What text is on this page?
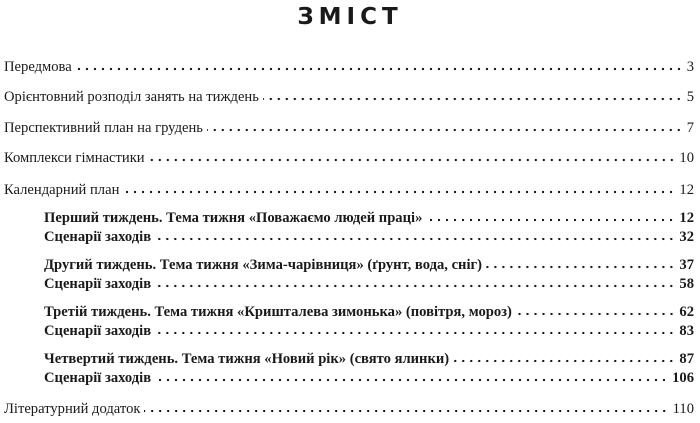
ЗМІСТ
Передмова	3
Орієнтовний розподіл занять на тиждень	5
Перспективний план на грудень	7
Комплекси гімнастики	10
Календарний план	12
Перший тиждень. Тема тижня «Поважаємо людей праці»	12
Сценарії заходів	32
Другий тиждень. Тема тижня «Зима-чарівниця» (ґрунт, вода, сніг)	37
Сценарії заходів	58
Третій тиждень. Тема тижня «Кришталева зимонька» (повітря, мороз)	62
Сценарії заходів	83
Четвертий тиждень. Тема тижня «Новий рік» (свято ялинки)	87
Сценарії заходів	106
Літературний додаток	110
